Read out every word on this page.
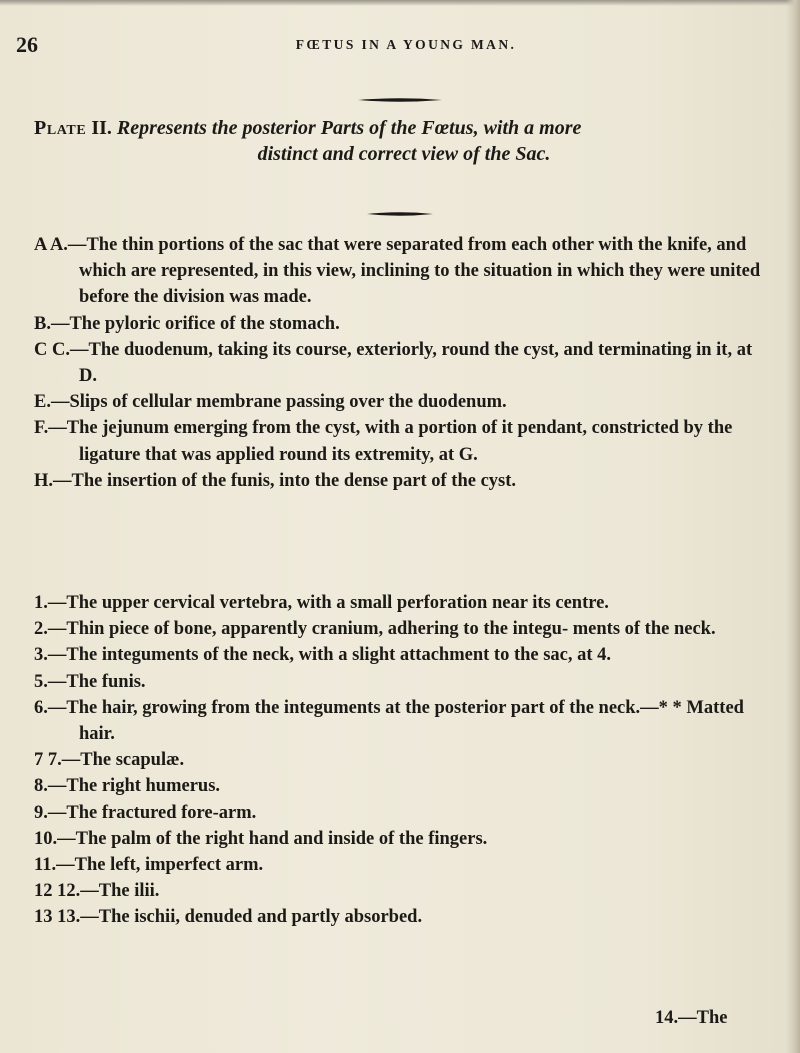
26	FŒTUS IN A YOUNG MAN.
Plate II. Represents the posterior Parts of the Fœtus, with a more
distinct and correct view of the Sac.

A A.—The thin portions of the sac that were separated from each other with the knife, and which are represented, in this view, inclining to the situation in which they were united before the division was made.

B.—The pyloric orifice of the stomach.

C C.—The duodenum, taking its course, exteriorly, round the cyst, and terminating in it, at D.

E.—Slips of cellular membrane passing over the duodenum.

F.—The jejunum emerging from the cyst, with a portion of it pendant, constricted by the ligature that was applied round its extremity, at G.

H.—The insertion of the funis, into the dense part of the cyst.

1.—The upper cervical vertebra, with a small perforation near its centre.

2.—Thin piece of bone, apparently cranium, adhering to the integu- ments of the neck.

3.—The integuments of the neck, with a slight attachment to the sac, at 4.

5.—The funis.

6.—The hair, growing from the integuments at the posterior part of the neck.—* * Matted hair.

7 7.—The scapulæ.

8.—The right humerus.

9.—The fractured fore-arm.

10.—The palm of the right hand and inside of the fingers.

11.—The left, imperfect arm.

12 12.—The ilii.

13 13.—The ischii, denuded and partly absorbed.

14.—The
